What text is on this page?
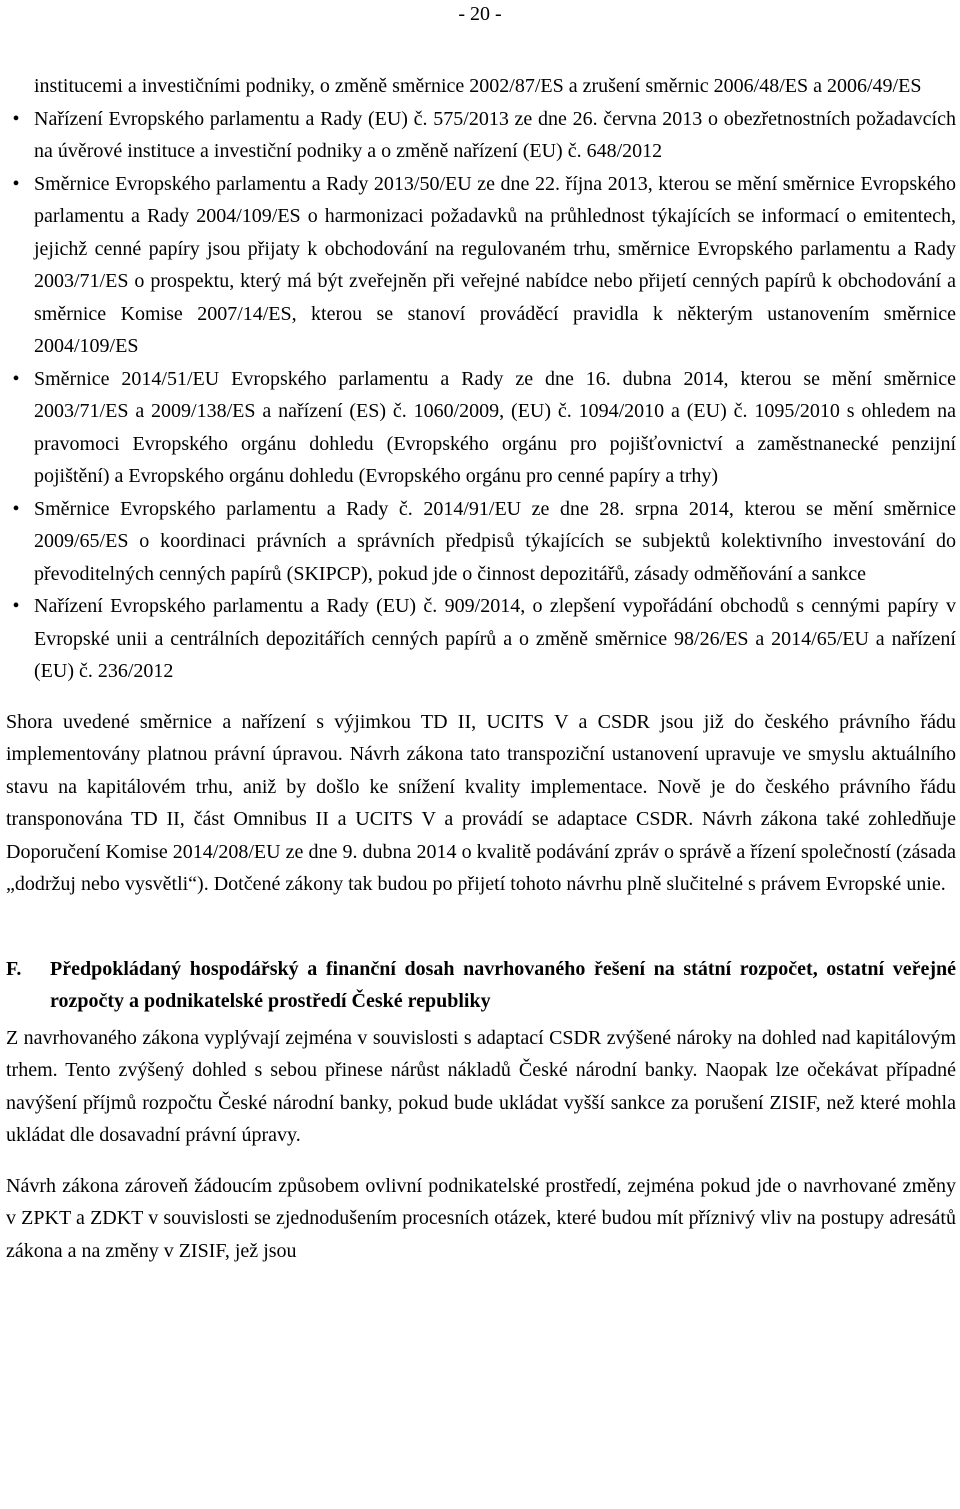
- 20 -
institucemi a investičními podniky, o změně směrnice 2002/87/ES a zrušení směrnic 2006/48/ES a 2006/49/ES
• Nařízení Evropského parlamentu a Rady (EU) č. 575/2013 ze dne 26. června 2013 o obezřetnostních požadavcích na úvěrové instituce a investiční podniky a o změně nařízení (EU) č. 648/2012
• Směrnice Evropského parlamentu a Rady 2013/50/EU ze dne 22. října 2013, kterou se mění směrnice Evropského parlamentu a Rady 2004/109/ES o harmonizaci požadavků na průhlednost týkajících se informací o emitentech, jejichž cenné papíry jsou přijaty k obchodování na regulovaném trhu, směrnice Evropského parlamentu a Rady 2003/71/ES o prospektu, který má být zveřejněn při veřejné nabídce nebo přijetí cenných papírů k obchodování a směrnice Komise 2007/14/ES, kterou se stanoví prováděcí pravidla k některým ustanovením směrnice 2004/109/ES
• Směrnice 2014/51/EU Evropského parlamentu a Rady ze dne 16. dubna 2014, kterou se mění směrnice 2003/71/ES a 2009/138/ES a nařízení (ES) č. 1060/2009, (EU) č. 1094/2010 a (EU) č. 1095/2010 s ohledem na pravomoci Evropského orgánu dohledu (Evropského orgánu pro pojišťovnictví a zaměstnanecké penzijní pojištění) a Evropského orgánu dohledu (Evropského orgánu pro cenné papíry a trhy)
• Směrnice Evropského parlamentu a Rady č. 2014/91/EU ze dne 28. srpna 2014, kterou se mění směrnice 2009/65/ES o koordinaci právních a správních předpisů týkajících se subjektů kolektivního investování do převoditelných cenných papírů (SKIPCP), pokud jde o činnost depozitářů, zásady odměňování a sankce
• Nařízení Evropského parlamentu a Rady (EU) č. 909/2014, o zlepšení vypořádání obchodů s cennými papíry v Evropské unii a centrálních depozitářích cenných papírů a o změně směrnice 98/26/ES a 2014/65/EU a nařízení (EU) č. 236/2012

Shora uvedené směrnice a nařízení s výjimkou TD II, UCITS V a CSDR jsou již do českého právního řádu implementovány platnou právní úpravou. Návrh zákona tato transpoziční ustanovení upravuje ve smyslu aktuálního stavu na kapitálovém trhu, aniž by došlo ke snížení kvality implementace. Nově je do českého právního řádu transponována TD II, část Omnibus II a UCITS V a provádí se adaptace CSDR. Návrh zákona také zohledňuje Doporučení Komise 2014/208/EU ze dne 9. dubna 2014 o kvalitě podávání zpráv o správě a řízení společností (zásada „dodržuj nebo vysvětli“). Dotčené zákony tak budou po přijetí tohoto návrhu plně slučitelné s právem Evropské unie.

F.	Předpokládaný hospodářský a finanční dosah navrhovaného řešení na státní rozpočet, ostatní veřejné rozpočty a podnikatelské prostředí České republiky

Z navrhovaného zákona vyplývají zejména v souvislosti s adaptací CSDR zvýšené nároky na dohled nad kapitálovým trhem. Tento zvýšený dohled s sebou přinese nárůst nákladů České národní banky. Naopak lze očekávat případné navýšení příjmů rozpočtu České národní banky, pokud bude ukládat vyšší sankce za porušení ZISIF, než které mohla ukládat dle dosavadní právní úpravy.

Návrh zákona zároveň žádoucím způsobem ovlivní podnikatelské prostředí, zejména pokud jde o navrhované změny v ZPKT a ZDKT v souvislosti se zjednodušením procesních otázek, které budou mít příznivý vliv na postupy adresátů zákona a na změny v ZISIF, jež jsou
